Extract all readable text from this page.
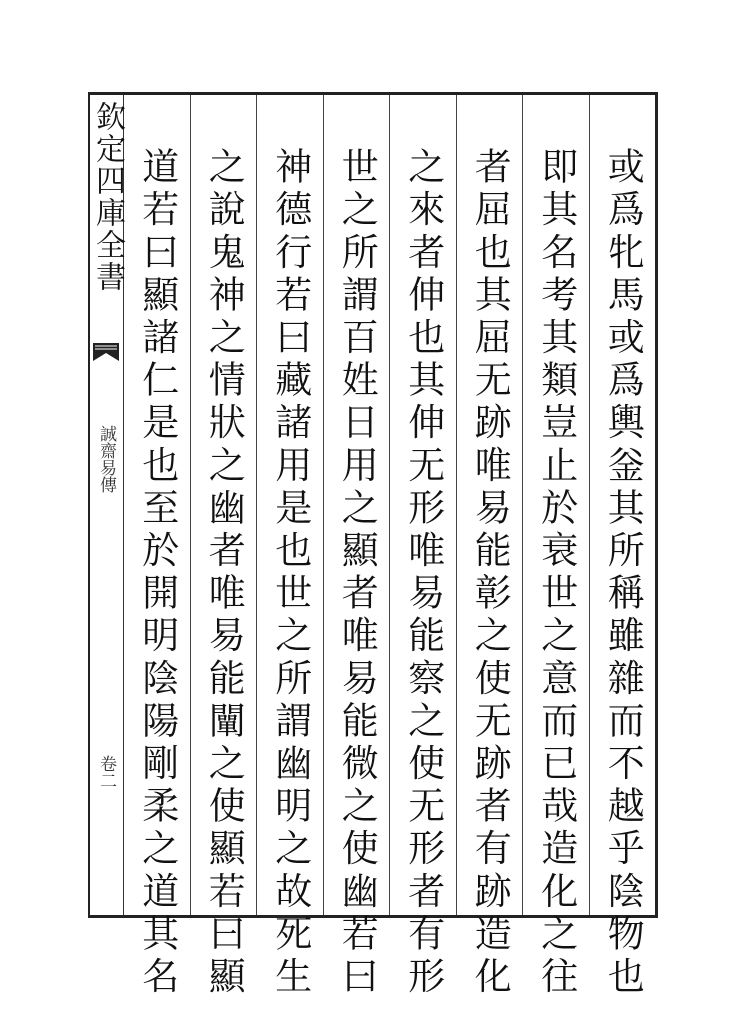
欽定四庫全書
誠齋易傳
卷二	或爲牝馬或爲輿釡其所稱雖雜而不越乎陰物也
即其名考其類豈止於衰世之意而已哉造化之往
者屈也其屈无跡唯易能彰之使无跡者有跡造化
之來者伸也其伸无形唯易能察之使无形者有形
世之所謂百姓日用之顯者唯易能微之使幽若曰
神德行若曰藏諸用是也世之所謂幽明之故死生
之說鬼神之情狀之幽者唯易能闡之使顯若曰顯
道若曰顯諸仁是也至於開明陰陽剛柔之道其名
